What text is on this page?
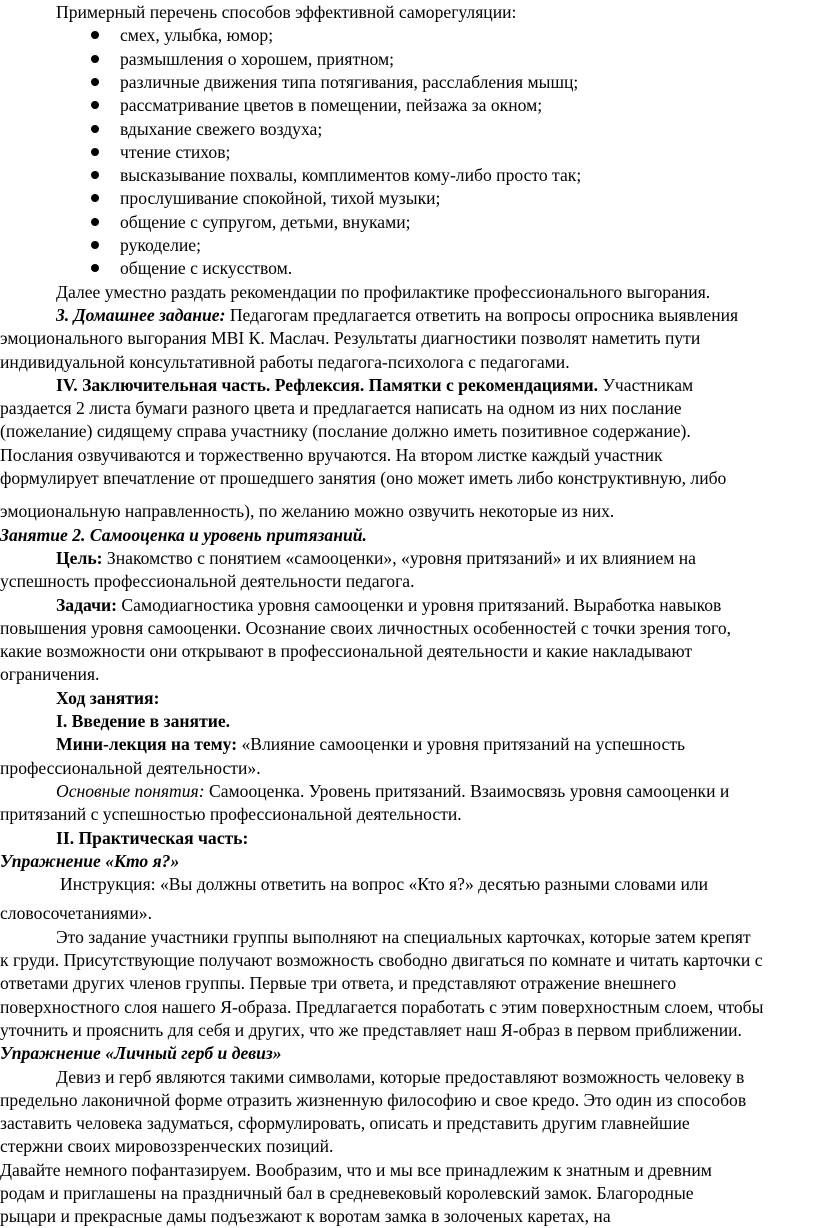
Примерный перечень способов эффективной саморегуляции:
смех, улыбка, юмор;
размышления о хорошем, приятном;
различные движения типа потягивания, расслабления мышц;
рассматривание цветов в помещении, пейзажа за окном;
вдыхание свежего воздуха;
чтение стихов;
высказывание похвалы, комплиментов кому-либо просто так;
прослушивание спокойной, тихой музыки;
общение с супругом, детьми, внуками;
рукоделие;
общение с искусством.
Далее уместно раздать рекомендации по профилактике профессионального выгорания.
3. Домашнее задание: Педагогам предлагается ответить на вопросы опросника выявления
эмоционального выгорания MBI К. Маслач. Результаты диагностики позволят наметить пути
индивидуальной консультативной работы педагога-психолога с педагогами.
IV. Заключительная часть. Рефлексия. Памятки с рекомендациями. Участникам
раздается 2 листа бумаги разного цвета и предлагается написать на одном из них послание
(пожелание) сидящему справа участнику (послание должно иметь позитивное содержание).
Послания озвучиваются и торжественно вручаются. На втором листке каждый участник
формулирует впечатление от прошедшего занятия (оно может иметь либо конструктивную, либо
эмоциональную направленность), по желанию можно озвучить некоторые из них.
Занятие 2. Самооценка и уровень притязаний.
Цель: Знакомство с понятием «самооценки», «уровня притязаний» и их влиянием на
успешность профессиональной деятельности педагога.
Задачи: Самодиагностика уровня самооценки и уровня притязаний. Выработка навыков
повышения уровня самооценки. Осознание своих личностных особенностей с точки зрения того,
какие возможности они открывают в профессиональной деятельности и какие накладывают
ограничения.
Ход занятия:
I. Введение в занятие.
Мини-лекция на тему: «Влияние самооценки и уровня притязаний на успешность
профессиональной деятельности».
Основные понятия: Самооценка. Уровень притязаний. Взаимосвязь уровня самооценки и
притязаний с успешностью профессиональной деятельности.
II. Практическая часть:
Упражнение «Кто я?»
Инструкция: «Вы должны ответить на вопрос «Кто я?» десятью разными словами или
словосочетаниями».
Это задание участники группы выполняют на специальных карточках, которые затем крепят
к груди. Присутствующие получают возможность свободно двигаться по комнате и читать карточки с
ответами других членов группы. Первые три ответа, и представляют отражение внешнего
поверхностного слоя нашего Я-образа. Предлагается поработать с этим поверхностным слоем, чтобы
уточнить и прояснить для себя и других, что же представляет наш Я-образ в первом приближении.
Упражнение «Личный герб и девиз»
Девиз и герб являются такими символами, которые предоставляют возможность человеку в
предельно лаконичной форме отразить жизненную философию и свое кредо. Это один из способов
заставить человека задуматься, сформулировать, описать и представить другим главнейшие
стержни своих мировоззренческих позиций.
Давайте немного пофантазируем. Вообразим, что и мы все принадлежим к знатным и древним
родам и приглашены на праздничный бал в средневековый королевский замок. Благородные
рыцари и прекрасные дамы подъезжают к воротам замка в золоченых каретах, на
